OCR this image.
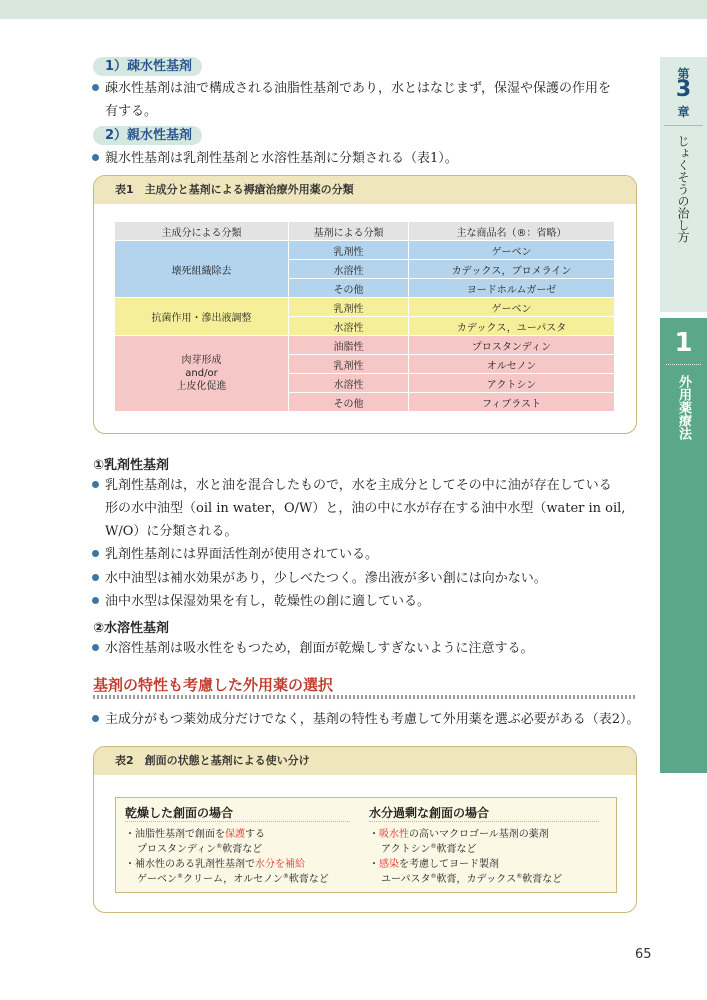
1）疎水性基剤
疎水性基剤は油で構成される油脂性基剤であり，水とはなじまず，保湿や保護の作用を
有する。
2）親水性基剤
親水性基剤は乳剤性基剤と水溶性基剤に分類される（表1）。
表1　主成分と基剤による褥瘡治療外用薬の分類
主成分による分類	基剤による分類	主な商品名（®：省略）
壊死組織除去	乳剤性	ゲーベン
	水溶性	カデックス，ブロメライン
	その他	ヨードホルムガーゼ
抗菌作用・滲出液調整	乳剤性	ゲーベン
	水溶性	カデックス，ユーパスタ

肉芽形成
and/or
上皮化促進	油脂性	プロスタンディン
	乳剤性	オルセノン
	水溶性	アクトシン
	その他	フィブラスト
①乳剤性基剤
乳剤性基剤は，水と油を混合したもので，水を主成分としてその中に油が存在している
形の水中油型（oil in water，O/W）と，油の中に水が存在する油中水型（water in oil,
W/O）に分類される。
乳剤性基剤には界面活性剤が使用されている。
水中油型は補水効果があり，少しべたつく。滲出液が多い創には向かない。
油中水型は保湿効果を有し，乾燥性の創に適している。
②水溶性基剤
水溶性基剤は吸水性をもつため，創面が乾燥しすぎないように注意する。
基剤の特性も考慮した外用薬の選択
主成分がもつ薬効成分だけでなく，基剤の特性も考慮して外用薬を選ぶ必要がある（表2）。
表2　創面の状態と基剤による使い分け
乾燥した創面の場合
・油脂性基剤で創面を保護する
プロスタンディン®軟膏など
・補水性のある乳剤性基剤で水分を補給
ゲーベン®クリーム，オルセノン®軟膏など
水分過剰な創面の場合
・吸水性の高いマクロゴール基剤の薬剤
アクトシン®軟膏など
・感染を考慮してヨード製剤
ユーパスタ®軟膏，カデックス®軟膏など
第
3
章
じょくそうの治し方
1
外用薬療法
65
